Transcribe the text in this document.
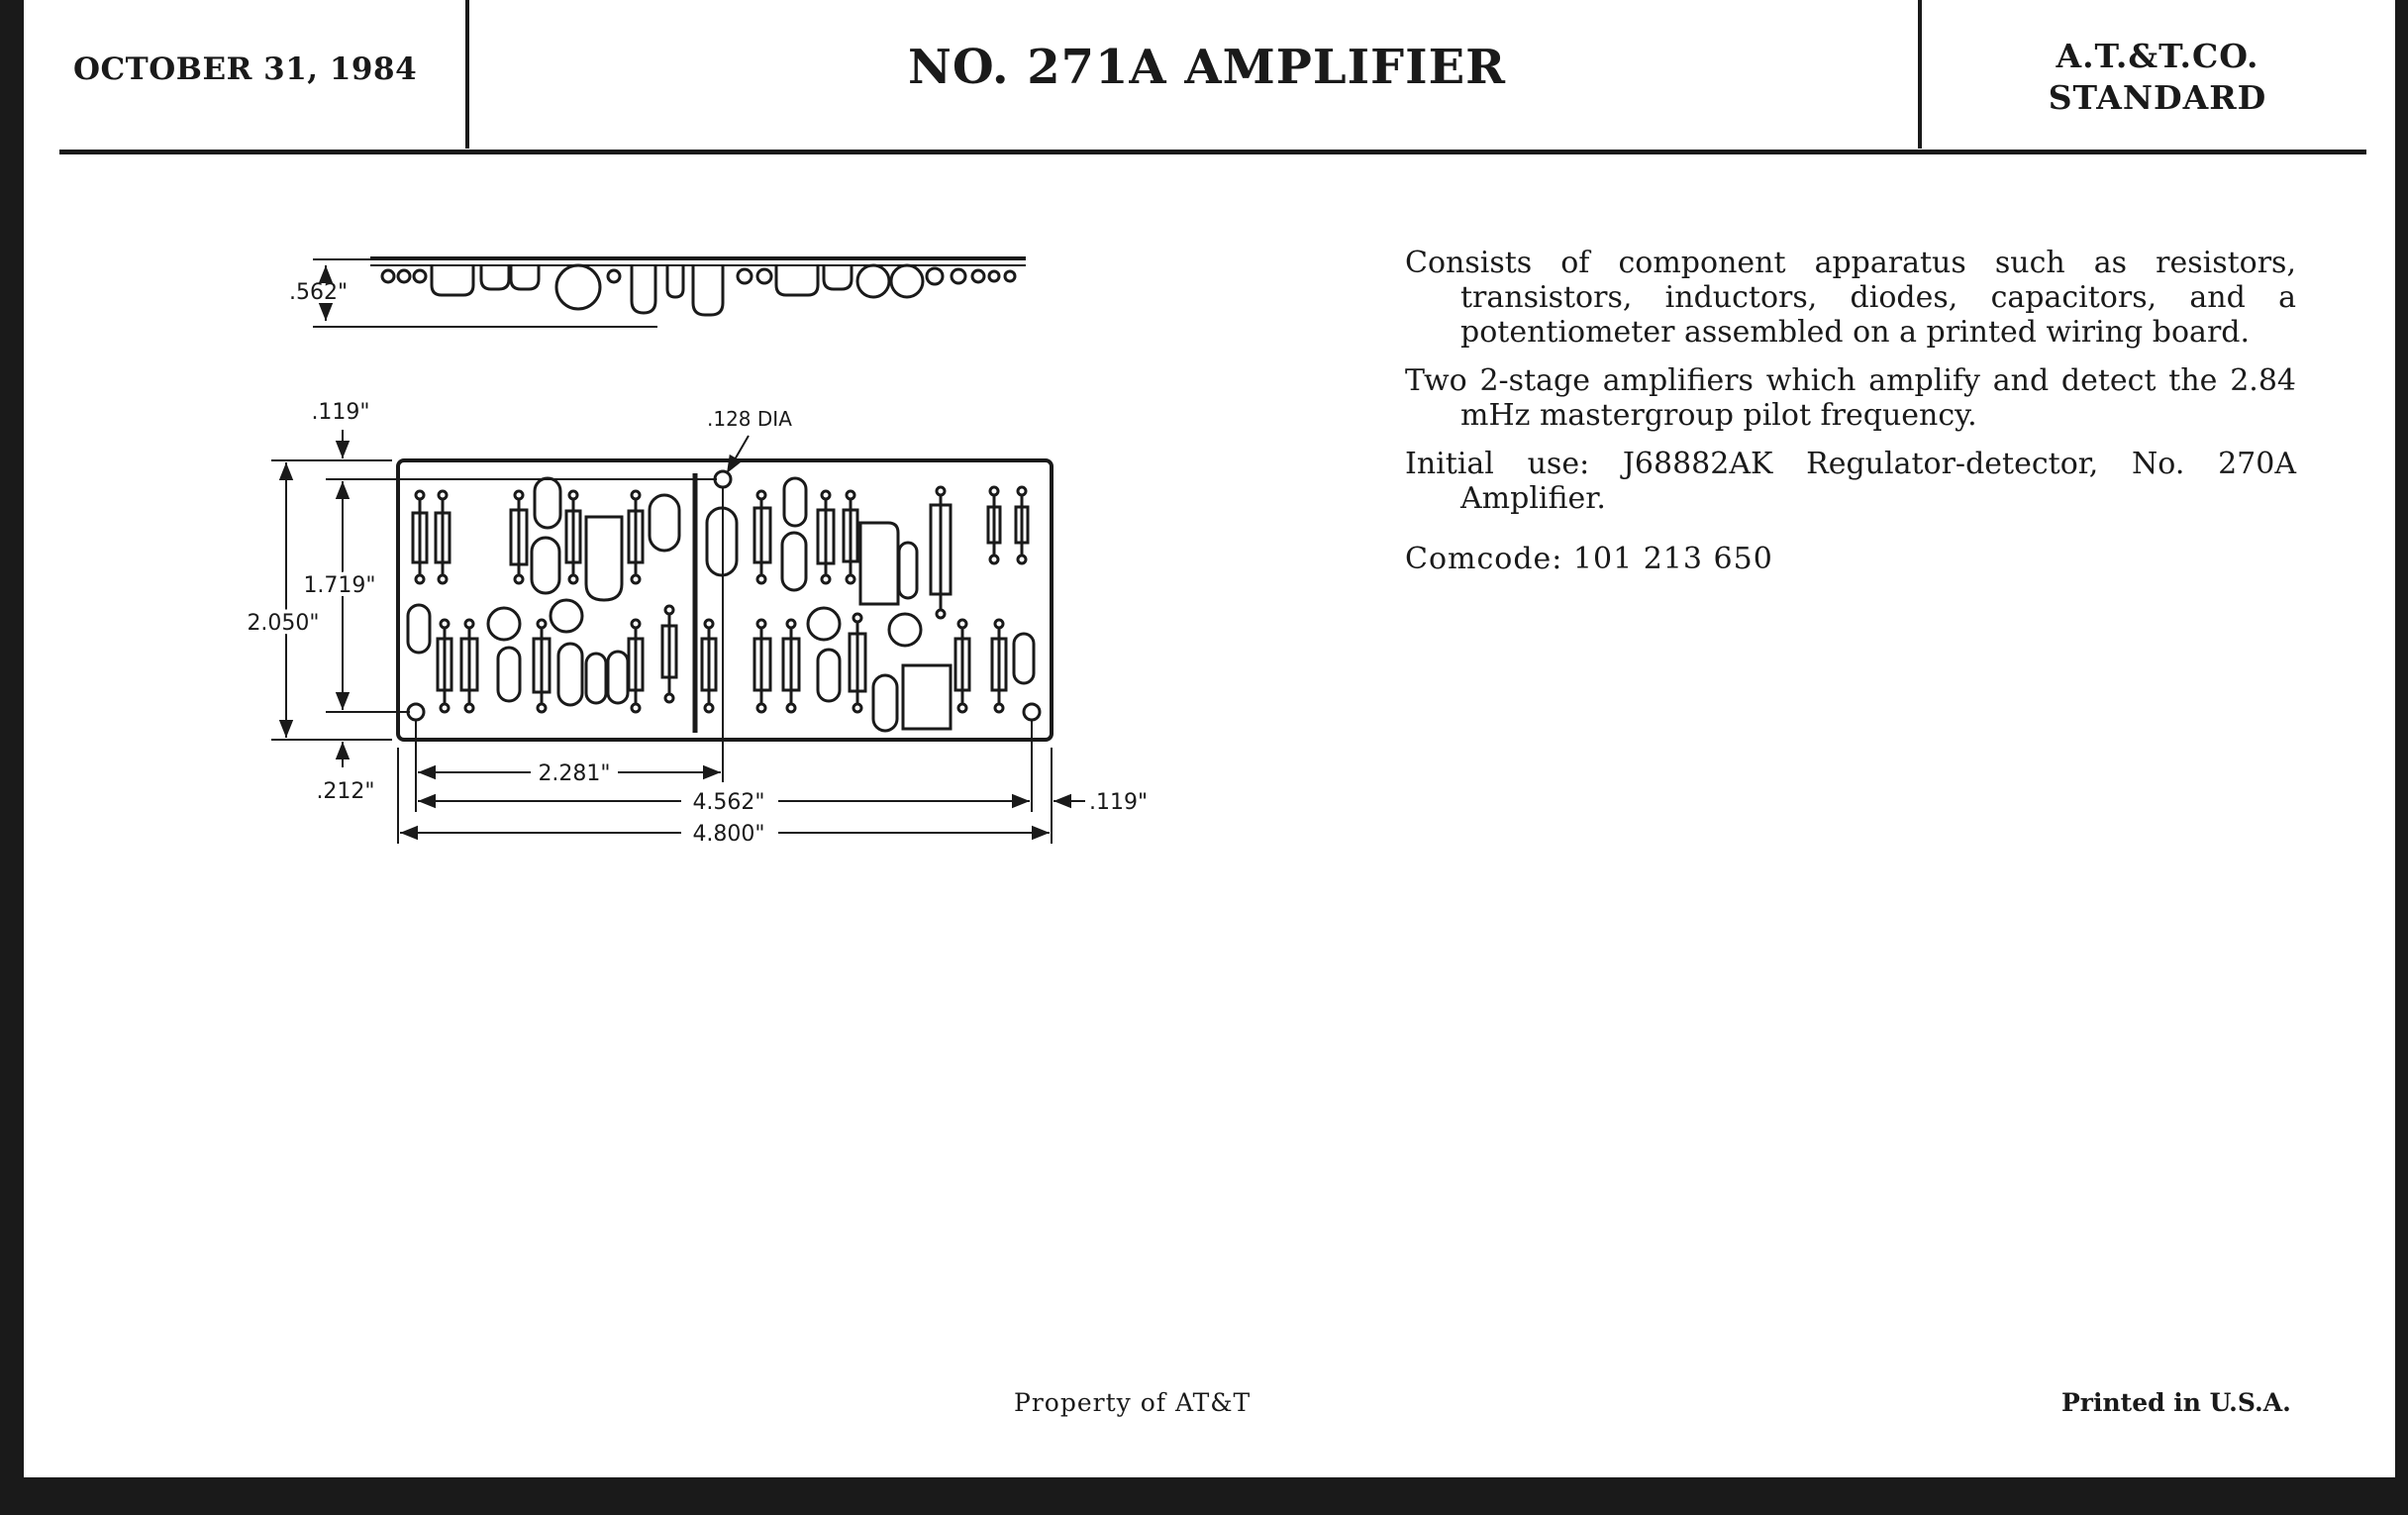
OCTOBER 31, 1984	NO. 271A AMPLIFIER	A.T.&T.CO.
STANDARD
.562"
.119"	.128 DIA
1.719"
2.050"
.212"
2.281"
4.562"	.119"
4.800"

Consists of component apparatus such as resistors, transistors, inductors, diodes, capacitors, and a potentiometer assembled on a printed wiring board.

Two 2-stage amplifiers which amplify and detect the 2.84 mHz mastergroup pilot frequency.

Initial use: J68882AK Regulator-detector, No. 270A Amplifier.

Comcode: 101 213 650

Property of AT&T	Printed in U.S.A.
